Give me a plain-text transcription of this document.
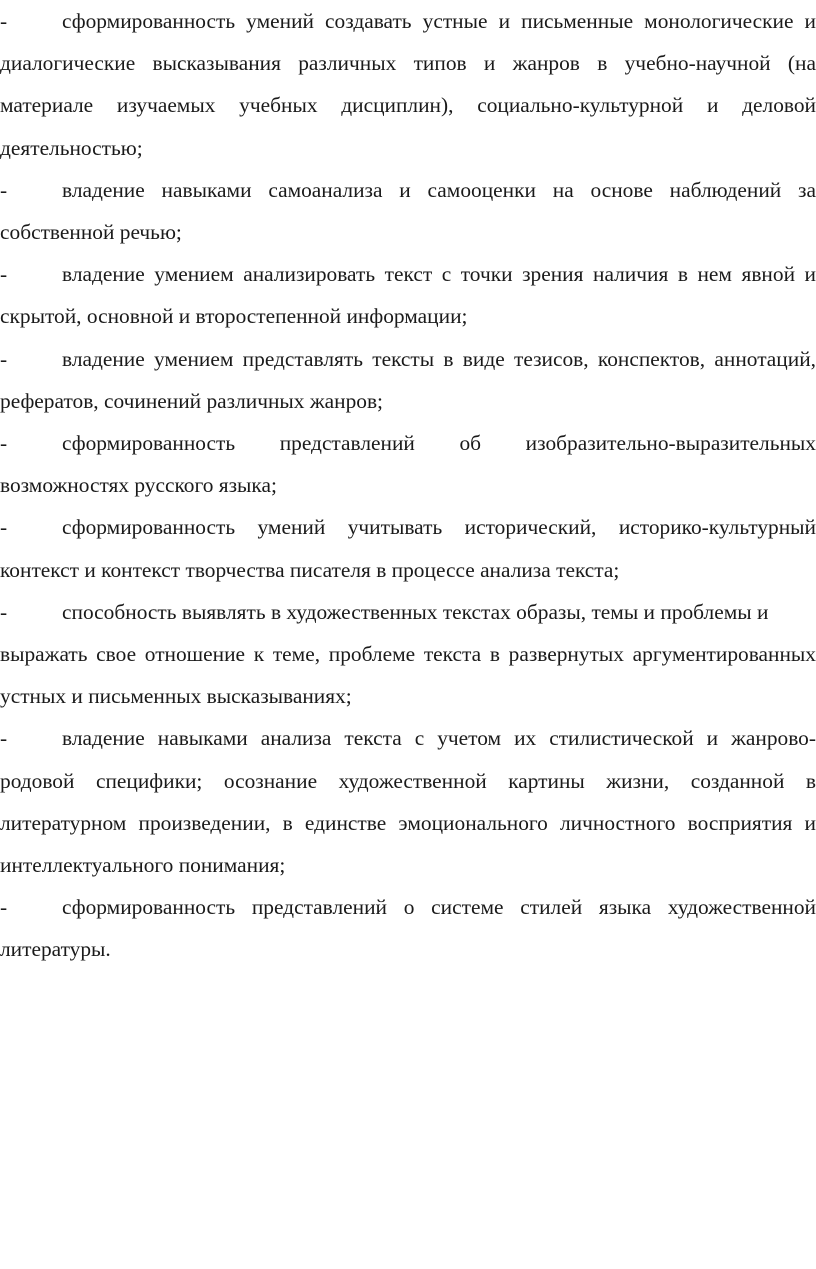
-	сформированность умений создавать устные и письменные монологические и диалогические высказывания различных типов и жанров в учебно-научной (на материале изучаемых учебных дисциплин), социально-культурной и деловой деятельностью;

-	владение навыками самоанализа и самооценки на основе наблюдений за собственной речью;

-	владение умением анализировать текст с точки зрения наличия в нем явной и скрытой, основной и второстепенной информации;

-	владение умением представлять тексты в виде тезисов, конспектов, аннотаций, рефератов, сочинений различных жанров;

-	сформированность представлений об изобразительно-выразительных возможностях русского языка;

-	сформированность умений учитывать исторический, историко-культурный контекст и контекст творчества писателя в процессе анализа текста;

-	способность выявлять в художественных текстах образы, темы и проблемы и

выражать свое отношение к теме, проблеме текста в развернутых аргументированных устных и письменных высказываниях;

-	владение навыками анализа текста с учетом их стилистической и жанрово-родовой специфики; осознание художественной картины жизни, созданной в литературном произведении, в единстве эмоционального личностного восприятия и интеллектуального понимания;

-	сформированность представлений о системе стилей языка художественной литературы.
